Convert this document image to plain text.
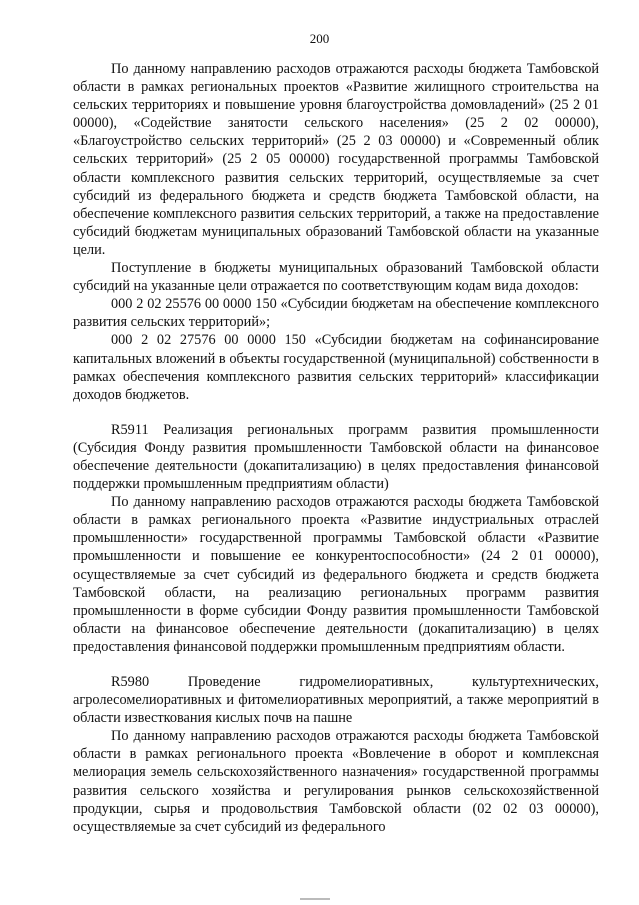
200

По данному направлению расходов отражаются расходы бюджета Тамбовской области в рамках региональных проектов «Развитие жилищного строительства на сельских территориях и повышение уровня благоустройства домовладений» (25 2 01 00000), «Содействие занятости сельского населения» (25 2 02 00000), «Благоустройство сельских территорий» (25 2 03 00000) и «Современный облик сельских территорий» (25 2 05 00000) государственной программы Тамбовской области комплексного развития сельских территорий, осуществляемые за счет субсидий из федерального бюджета и средств бюджета Тамбовской области, на обеспечение комплексного развития сельских территорий, а также на предоставление субсидий бюджетам муниципальных образований Тамбовской области на указанные цели.

Поступление в бюджеты муниципальных образований Тамбовской области субсидий на указанные цели отражается по соответствующим кодам вида доходов:

000 2 02 25576 00 0000 150 «Субсидии бюджетам на обеспечение комплексного развития сельских территорий»;

000 2 02 27576 00 0000 150 «Субсидии бюджетам на софинансирование капитальных вложений в объекты государственной (муниципальной) собственности в рамках обеспечения комплексного развития сельских территорий» классификации доходов бюджетов.

R5911 Реализация региональных программ развития промышленности (Субсидия Фонду развития промышленности Тамбовской области на финансовое обеспечение деятельности (докапитализацию) в целях предоставления финансовой поддержки промышленным предприятиям области)

По данному направлению расходов отражаются расходы бюджета Тамбовской области в рамках регионального проекта «Развитие индустриальных отраслей промышленности» государственной программы Тамбовской области «Развитие промышленности и повышение ее конкурентоспособности» (24 2 01 00000), осуществляемые за счет субсидий из федерального бюджета и средств бюджета Тамбовской области, на реализацию региональных программ развития промышленности в форме субсидии Фонду развития промышленности Тамбовской области на финансовое обеспечение деятельности (докапитализацию) в целях предоставления финансовой поддержки промышленным предприятиям области.

R5980 Проведение гидромелиоративных, культуртехнических, агролесомелиоративных и фитомелиоративных мероприятий, а также мероприятий в области известкования кислых почв на пашне

По данному направлению расходов отражаются расходы бюджета Тамбовской области в рамках регионального проекта «Вовлечение в оборот и комплексная мелиорация земель сельскохозяйственного назначения» государственной программы развития сельского хозяйства и регулирования рынков сельскохозяйственной продукции, сырья и продовольствия Тамбовской области (02 02 03 00000), осуществляемые за счет субсидий из федерального
